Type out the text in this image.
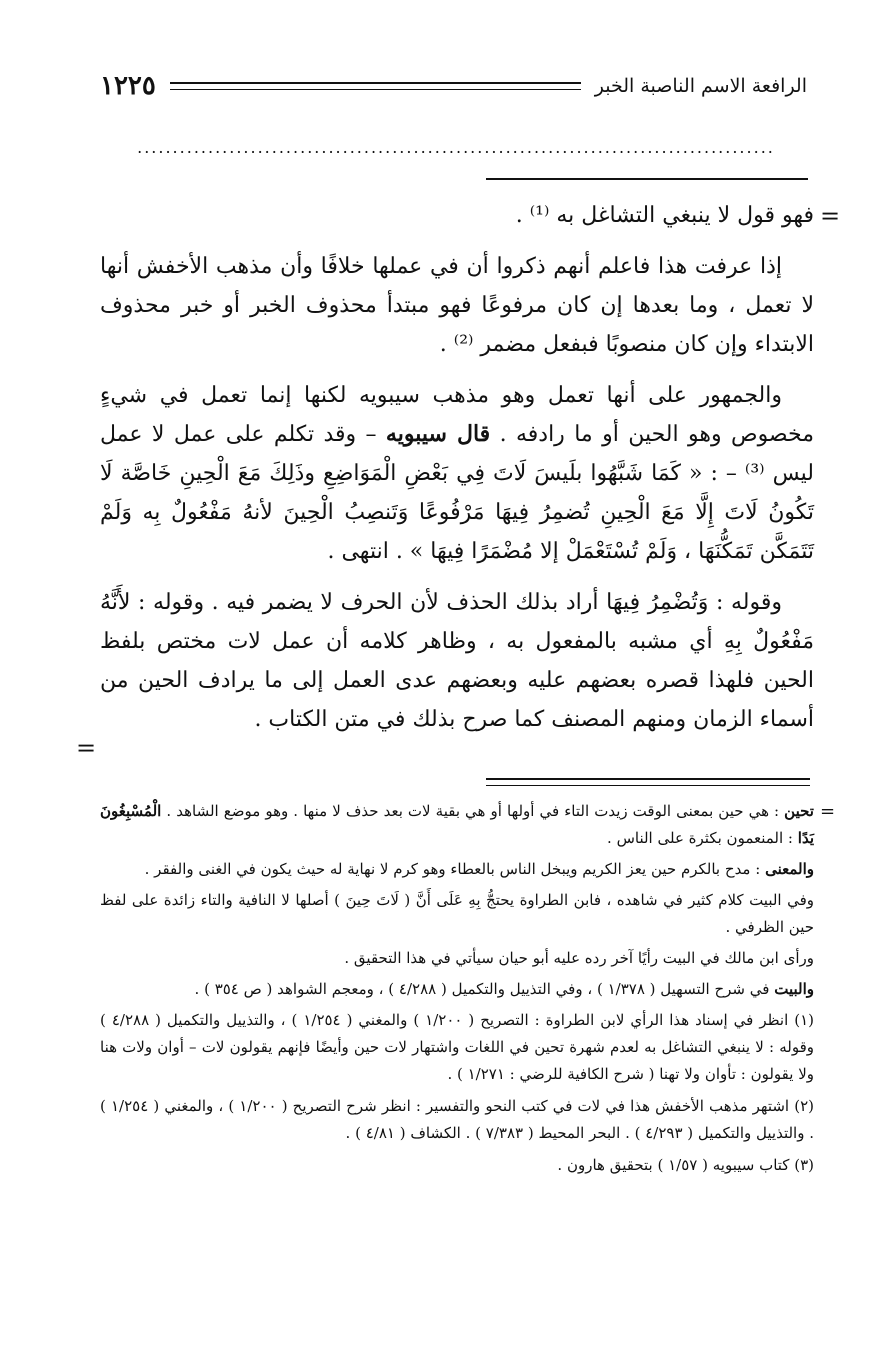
الرافعة الاسم الناصبة الخبر
١٢٢٥
..........................................................................................
=

فهو قول لا ينبغي التشاغل به ⁽¹⁾ .

إذا عرفت هذا فاعلم أنهم ذكروا أن في عملها خلافًا وأن مذهب الأخفش أنها لا تعمل ، وما بعدها إن كان مرفوعًا فهو مبتدأ محذوف الخبر أو خبر محذوف الابتداء وإن كان منصوبًا فبفعل مضمر ⁽²⁾ .

والجمهور على أنها تعمل وهو مذهب سيبويه لكنها إنما تعمل في شيءٍ مخصوص وهو الحين أو ما رادفه . قال سيبويه – وقد تكلم على عمل لا عمل ليس ⁽³⁾ – : « كَمَا شَبَّهُوا بلَيسَ لَاتَ فِي بَعْضِ الْمَوَاضِعِ وذَلِكَ مَعَ الْحِينِ خَاصَّة لَا تَكُونُ لَاتَ إِلَّا مَعَ الْحِينِ تُضمِرُ فِيهَا مَرْفُوعًا وَتَنصِبُ الْحِينَ لأنهُ مَفْعُولٌ بِه وَلَمْ تَتَمَكَّن تَمَكُّنَهَا ، وَلَمْ تُسْتَعْمَلْ إلا مُضْمَرًا فِيهَا » . انتهى .

وقوله : وَتُضْمِرُ فِيهَا أراد بذلك الحذف لأن الحرف لا يضمر فيه . وقوله : لأَنَّهُ مَفْعُولٌ بِهِ أي مشبه بالمفعول به ، وظاهر كلامه أن عمل لات مختص بلفظ الحين فلهذا قصره بعضهم عليه وبعضهم عدى العمل إلى ما يرادف الحين من أسماء الزمان ومنهم المصنف كما صرح بذلك في متن الكتاب .

=
=

تحين : هي حين بمعنى الوقت زيدت التاء في أولها أو هي بقية لات بعد حذف لا منها . وهو موضع الشاهد . الْمُسْبِغُونَ يَدًا : المنعمون بكثرة على الناس .

والمعنى : مدح بالكرم حين يعز الكريم ويبخل الناس بالعطاء وهو كرم لا نهاية له حيث يكون في الغنى والفقر .

وفي البيت كلام كثير في شاهده ، فابن الطراوة يحتجُّ بِهِ عَلَى أَنَّ ( لَاتَ حِينَ ) أصلها لا النافية والتاء زائدة على لفظ حين الظرفي .

ورأى ابن مالك في البيت رأيًا آخر رده عليه أبو حيان سيأتي في هذا التحقيق .

والبيت في شرح التسهيل ( ١/٣٧٨ ) ، وفي التذييل والتكميل ( ٤/٢٨٨ ) ، ومعجم الشواهد ( ص ٣٥٤ ) .

(١) انظر في إسناد هذا الرأي لابن الطراوة : التصريح ( ١/٢٠٠ ) والمغني ( ١/٢٥٤ ) ، والتذييل والتكميل ( ٤/٢٨٨ ) وقوله : لا ينبغي التشاغل به لعدم شهرة تحين في اللغات واشتهار لات حين وأيضًا فإنهم يقولون لات – أوان ولات هنا ولا يقولون : تأوان ولا تهنا ( شرح الكافية للرضي : ١/٢٧١ ) .

(٢) اشتهر مذهب الأخفش هذا في لات في كتب النحو والتفسير : انظر شرح التصريح ( ١/٢٠٠ ) ، والمغني ( ١/٢٥٤ ) . والتذييل والتكميل ( ٤/٢٩٣ ) . البحر المحيط ( ٧/٣٨٣ ) . الكشاف ( ٤/٨١ ) .

(٣) كتاب سيبويه ( ١/٥٧ ) بتحقيق هارون .
